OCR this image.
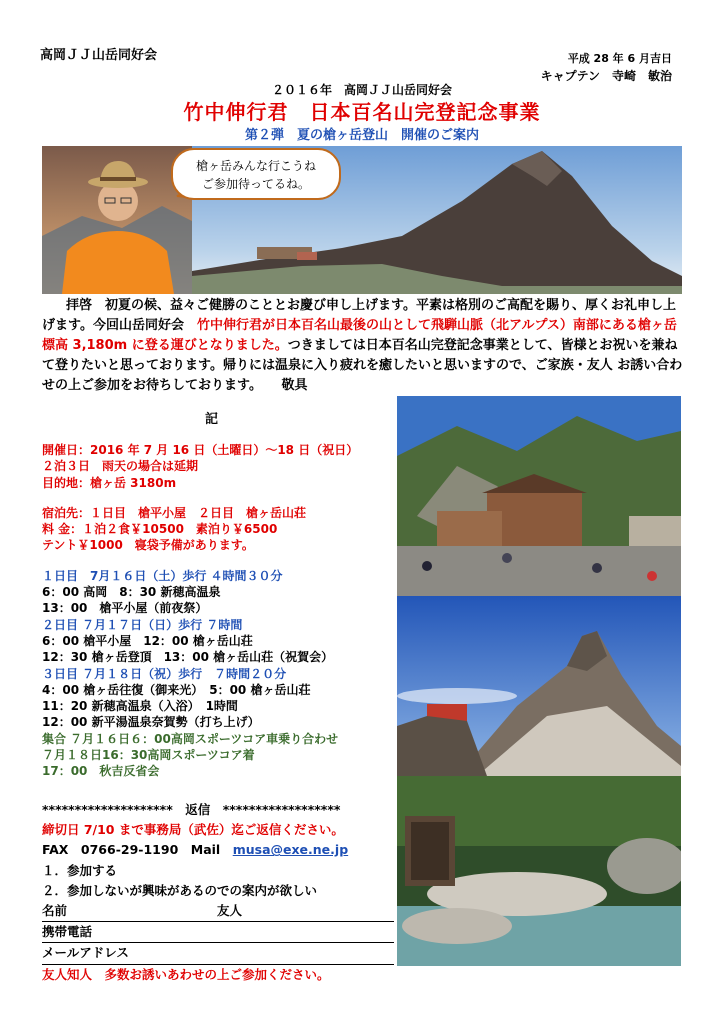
高岡ＪＪ山岳同好会	平成 28 年 6 月吉日
キャプテン　寺崎　敏治
２０１６年　高岡ＪＪ山岳同好会
竹中伸行君　日本百名山完登記念事業
第２弾　夏の槍ヶ岳登山　開催のご案内
槍ヶ岳みんな行こうね
ご参加待ってるね。
拝啓　初夏の候、益々ご健勝のこととお慶び申し上げます。平素は格別のご高配を賜り、厚くお礼申し上げます。今回山岳同好会　竹中伸行君が日本百名山最後の山として飛騨山脈（北アルプス）南部にある槍ヶ岳標高 3,180m に登る運びとなりました。つきましては日本百名山完登記念事業として、皆様とお祝いを兼ねて登りたいと思っております。帰りには温泉に入り疲れを癒したいと思いますので、ご家族・友人 お誘い合わせの上ご参加をお待ちしております。　　敬具
記
開催日：2016 年 7 月 16 日（土曜日）～18 日（祝日）
２泊３日　雨天の場合は延期
目的地：槍ヶ岳 3180m
宿泊先：１日目　槍平小屋　２日目　槍ヶ岳山荘
料 金：１泊２食￥10500　素泊り￥6500
テント￥1000　寝袋予備があります。
１日目　7月１６日（土）歩行 ４時間３０分
6：00 高岡　8：30 新穂高温泉
13：00　槍平小屋（前夜祭）
２日目 ７月１７日（日）歩行 ７時間
6：00 槍平小屋　12：00 槍ヶ岳山荘
12：30 槍ヶ岳登頂　13：00 槍ヶ岳山荘（祝賀会）
３日目 ７月１８日（祝）歩行　７時間２０分
4：00 槍ヶ岳往復（御来光）　5：00 槍ヶ岳山荘
11：20 新穂高温泉（入浴）　1時間
12：00 新平湯温泉奈賀勢（打ち上げ）
集合 ７月１６日６：00高岡スポーツコア車乗り合わせ
７月１８日16：30高岡スポーツコア着
17：00　秋吉反省会
********************　返信　******************
締切日 7/10 まで事務局（武佐）迄ご返信ください。
FAX　0766-29-1190　Mail　musa@exe.ne.jp
１．参加する
２．参加しないが興味があるのでの案内が欲しい
名前	友人
携帯電話
メールアドレス
友人知人　多数お誘いあわせの上ご参加ください。
